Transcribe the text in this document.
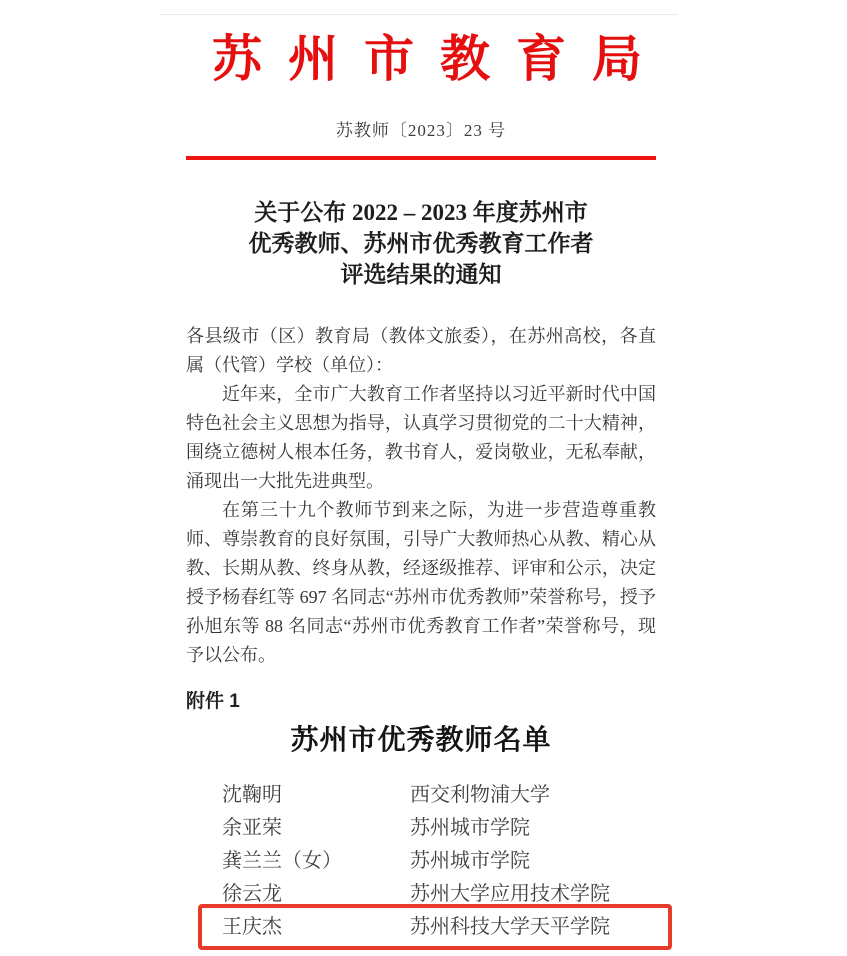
苏州市教育局
苏教师〔2023〕23 号
关于公布 2022 – 2023 年度苏州市
优秀教师、苏州市优秀教育工作者
评选结果的通知

各县级市（区）教育局（教体文旅委），在苏州高校，各直属（代管）学校（单位）：

近年来，全市广大教育工作者坚持以习近平新时代中国特色社会主义思想为指导，认真学习贯彻党的二十大精神，围绕立德树人根本任务，教书育人，爱岗敬业，无私奉献，涌现出一大批先进典型。

在第三十九个教师节到来之际，为进一步营造尊重教师、尊崇教育的良好氛围，引导广大教师热心从教、精心从教、长期从教、终身从教，经逐级推荐、评审和公示，决定授予杨春红等 697 名同志“苏州市优秀教师”荣誉称号，授予孙旭东等 88 名同志“苏州市优秀教育工作者”荣誉称号，现予以公布。

附件 1
苏州市优秀教师名单
沈鞠明	西交利物浦大学
余亚荣	苏州城市学院
龚兰兰（女）	苏州城市学院
徐云龙	苏州大学应用技术学院
王庆杰	苏州科技大学天平学院
